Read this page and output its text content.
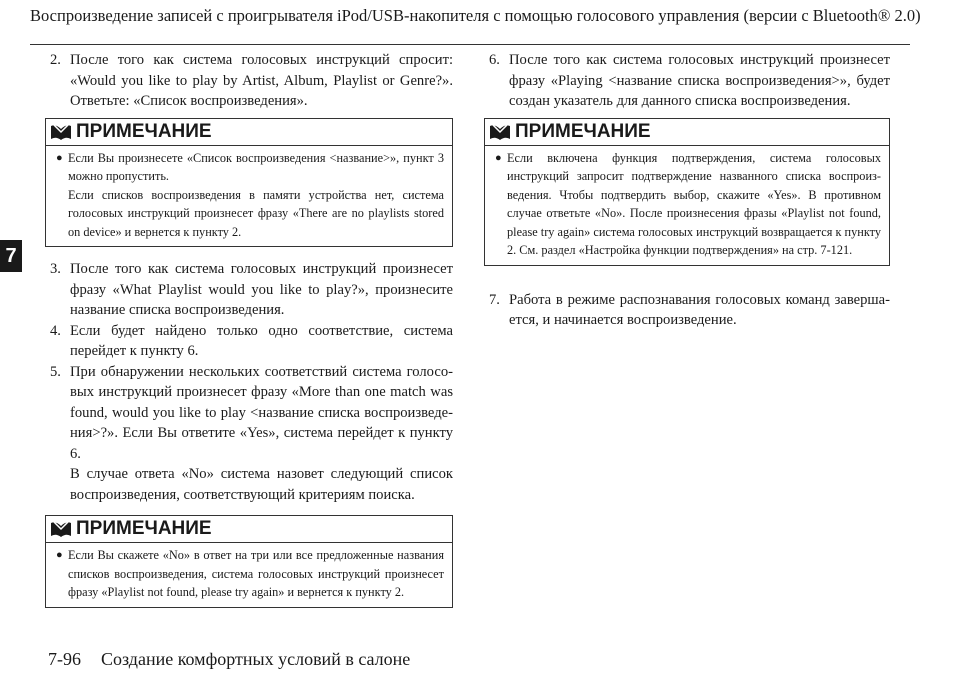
Воспроизведение записей с проигрывателя iPod/USB-накопителя с помощью голосового управления (версии с Bluetooth® 2.0)
7
2. После того как система голосовых инструкций спросит: «Would you like to play by Artist, Album, Playlist or Genre?». Ответьте: «Список воспроизведения».
ПРИМЕЧАНИЕ
● Если Вы произнесете «Список воспроизведения <название>», пункт 3 можно пропустить.
Если списков воспроизведения в памяти устройства нет, система голосовых инструкций произнесет фразу «There are no playlists stored on device» и вернется к пункту 2.
3. После того как система голосовых инструкций произнесет фразу «What Playlist would you like to play?», произнесите название списка воспроизведения.
4. Если будет найдено только одно соответствие, система перейдет к пункту 6.
5. При обнаружении нескольких соответствий система голосовых инструкций произнесет фразу «More than one match was found, would you like to play <название списка воспроизведения>?». Если Вы ответите «Yes», система перейдет к пункту 6.
В случае ответа «No» система назовет следующий список воспроизведения, соответствующий критериям поиска.
ПРИМЕЧАНИЕ
● Если Вы скажете «No» в ответ на три или все предложенные названия списков воспроизведения, система голосовых инструкций произнесет фразу «Playlist not found, please try again» и вернется к пункту 2.
6. После того как система голосовых инструкций произнесет фразу «Playing <название списка воспроизведения>», будет создан указатель для данного списка воспроизведения.
ПРИМЕЧАНИЕ
● Если включена функция подтверждения, система голосовых инструкций запросит подтверждение названного списка воспроизведения. Чтобы подтвердить выбор, скажите «Yes». В противном случае ответьте «No». После произнесения фразы «Playlist not found, please try again» система голосовых инструкций возвращается к пункту 2. См. раздел «Настройка функции подтверждения» на стр. 7-121.
7. Работа в режиме распознавания голосовых команд завершается, и начинается воспроизведение.
7-96 Создание комфортных условий в салоне
